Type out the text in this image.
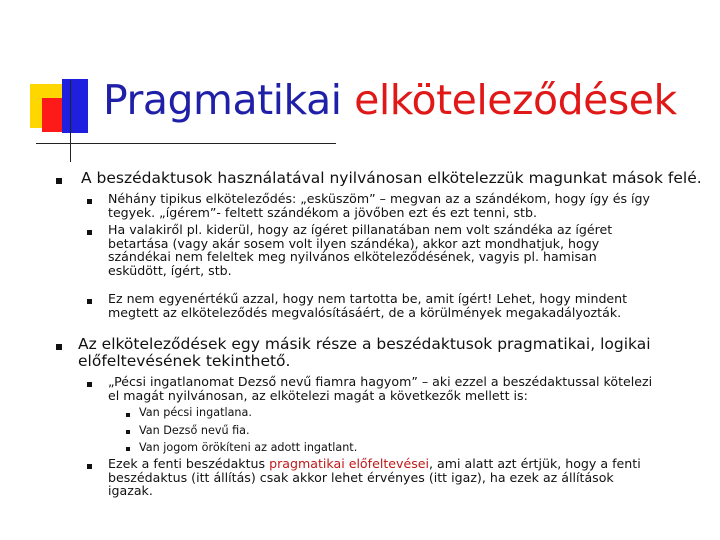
Pragmatikai elköteleződések
A beszédaktusok használatával nyilvánosan elkötelezzük magunkat mások felé.
Néhány tipikus elköteleződés: „esküszöm” – megvan az a szándékom, hogy így és így
tegyek. „ígérem”- feltett szándékom a jövőben ezt és ezt tenni, stb.
Ha valakiről pl. kiderül, hogy az ígéret pillanatában nem volt szándéka az ígéret
betartása (vagy akár sosem volt ilyen szándéka), akkor azt mondhatjuk, hogy
szándékai nem feleltek meg nyilvános elköteleződésének, vagyis pl. hamisan
esküdött, ígért, stb.
Ez nem egyenértékű azzal, hogy nem tartotta be, amit ígért! Lehet, hogy mindent
megtett az elköteleződés megvalósításáért, de a körülmények megakadályozták.
Az elköteleződések egy másik része a beszédaktusok pragmatikai, logikai
előfeltevésének tekinthető.
„Pécsi ingatlanomat Dezső nevű fiamra hagyom” – aki ezzel a beszédaktussal kötelezi
el magát nyilvánosan, az elkötelezi magát a következők mellett is:
Van pécsi ingatlana.
Van Dezső nevű fia.
Van jogom örökíteni az adott ingatlant.
Ezek a fenti beszédaktus pragmatikai előfeltevései, ami alatt azt értjük, hogy a fenti
beszédaktus (itt állítás) csak akkor lehet érvényes (itt igaz), ha ezek az állítások
igazak.
